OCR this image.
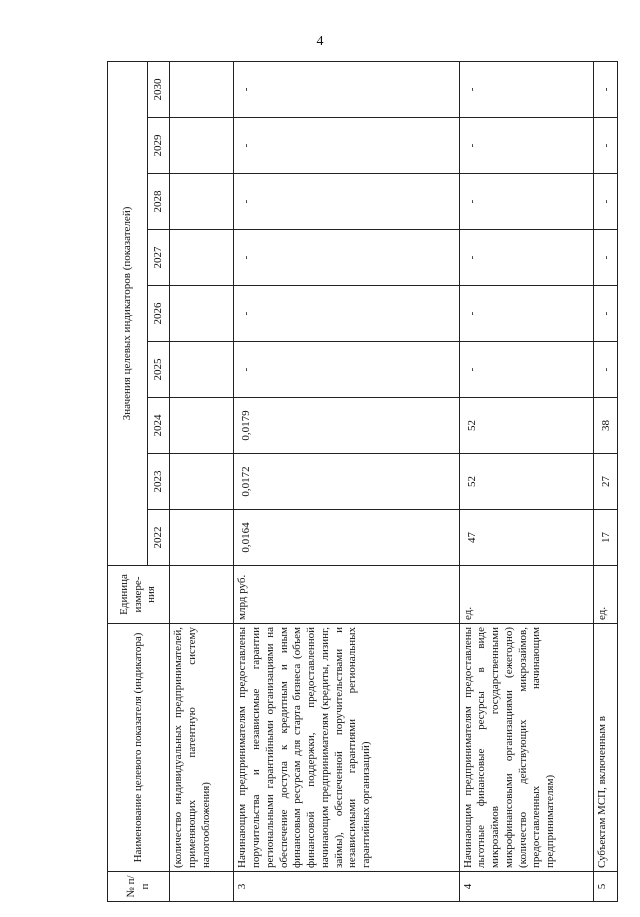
4
№ п/п	Наименование целевого показателя (индикатора)	Единица измере-ния	Значения целевых индикаторов (показателей)								
			2022	2023	2024	2025	2026	2027	2028	2029	2030
	(количество индивидуальных предпринимателей, применяющих патентную систему налогообложения)										
3	Начинающим предпринимателям предоставлены поручительства и независимые гарантии региональными гарантийными организациями на обеспечение доступа к кредитным и иным финансовым ресурсам для старта бизнеса (объем финансовой поддержки, предоставленной начинающим предпринимателям (кредиты, лизинг, займы), обеспеченной поручительствами и независимыми гарантиями региональных гарантийных организаций)	млрд руб.	0,0164	0,0172	0,0179	-	-	-	-	-	-
4	Начинающим предпринимателям предоставлены льготные финансовые ресурсы в виде микрозаймов государственными микрофинансовыми организациями (ежегодно) (количество действующих микрозаймов, предоставленных начинающим предпринимателям)	ед.	47	52	52	-	-	-	-	-	-
5	Субъектам МСП, включенным в	ед.	17	27	38	-	-	-	-	-	-
